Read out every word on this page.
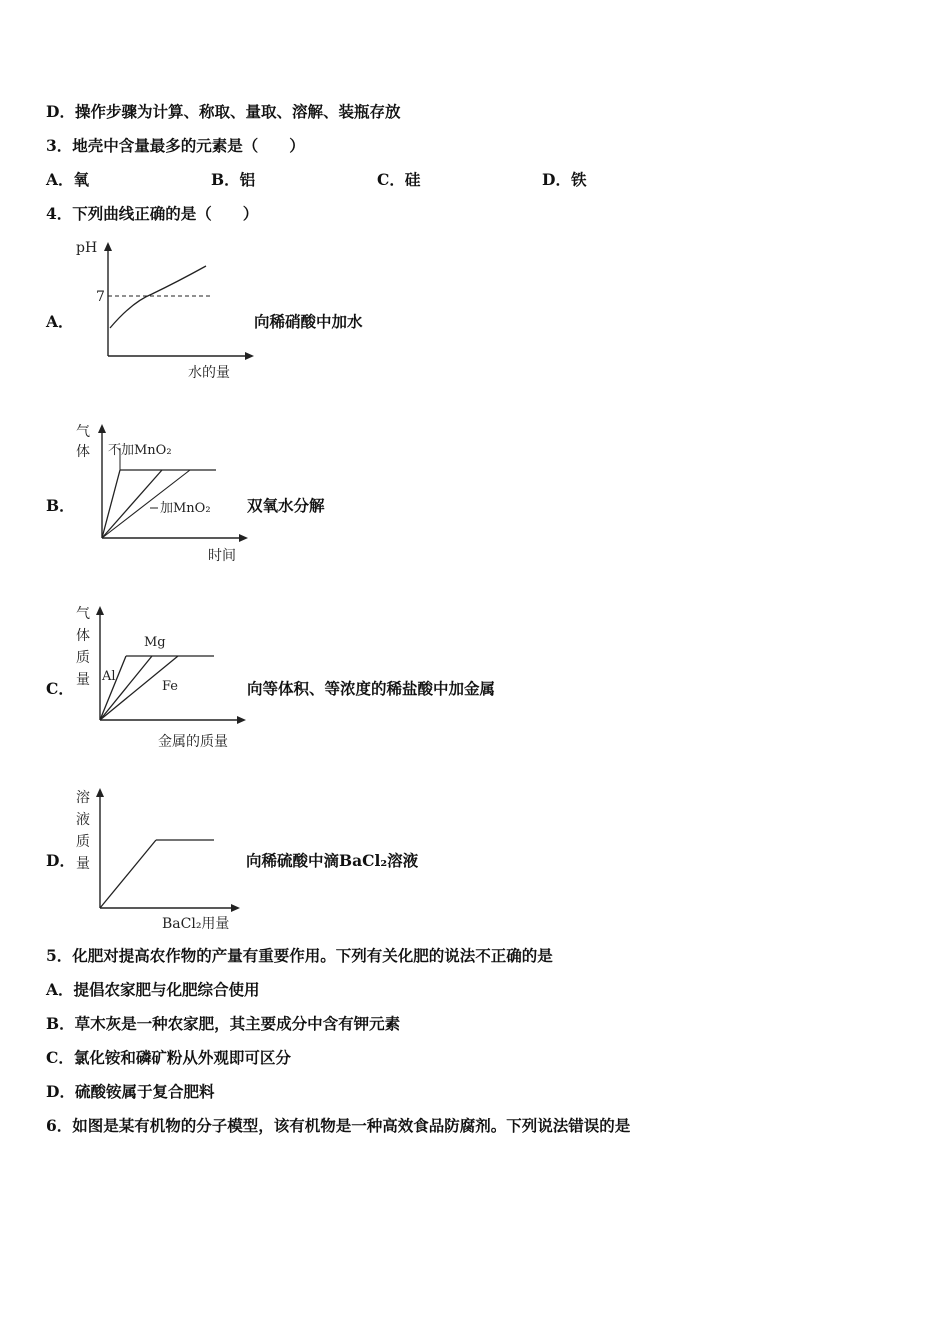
D．操作步骤为计算、称取、量取、溶解、装瓶存放
3．地壳中含量最多的元素是（　　）
A．氧	B．铝	C．硅	D．铁
4．下列曲线正确的是（　　）
A．
pH
7
水的量
向稀硝酸中加水
B．
气
体 不加MnO₂
加MnO₂
时间
双氧水分解
C．
气
体
质
量 Al
Mg
Fe
金属的质量
向等体积、等浓度的稀盐酸中加金属
D．
溶
液
质
量
BaCl₂用量
向稀硫酸中滴BaCl₂溶液
5．化肥对提高农作物的产量有重要作用。下列有关化肥的说法不正确的是
A．提倡农家肥与化肥综合使用
B．草木灰是一种农家肥，其主要成分中含有钾元素
C．氯化铵和磷矿粉从外观即可区分
D．硫酸铵属于复合肥料
6．如图是某有机物的分子模型，该有机物是一种高效食品防腐剂。下列说法错误的是
